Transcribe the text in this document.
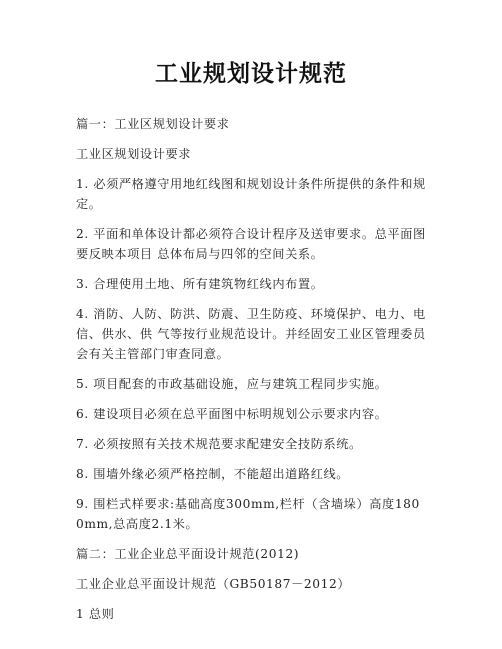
工业规划设计规范

篇一：工业区规划设计要求

工业区规划设计要求

1. 必须严格遵守用地红线图和规划设计条件所提供的条件和规定。

2. 平面和单体设计都必须符合设计程序及送审要求。总平面图要反映本项目 总体布局与四邻的空间关系。

3. 合理使用土地、所有建筑物红线内布置。

4. 消防、人防、防洪、防震、卫生防疫、环境保护、电力、电信、供水、供 气等按行业规范设计。并经固安工业区管理委员会有关主管部门审查同意。

5. 项目配套的市政基础设施，应与建筑工程同步实施。

6. 建设项目必须在总平面图中标明规划公示要求内容。

7. 必须按照有关技术规范要求配建安全技防系统。

8. 围墙外缘必须严格控制，不能超出道路红线。

9. 围栏式样要求:基础高度300mm,栏杆（含墙垛）高度1800mm,总高度2.1米。

篇二：工业企业总平面设计规范(2012)

工业企业总平面设计规范（GB50187－2012）

1 总则
